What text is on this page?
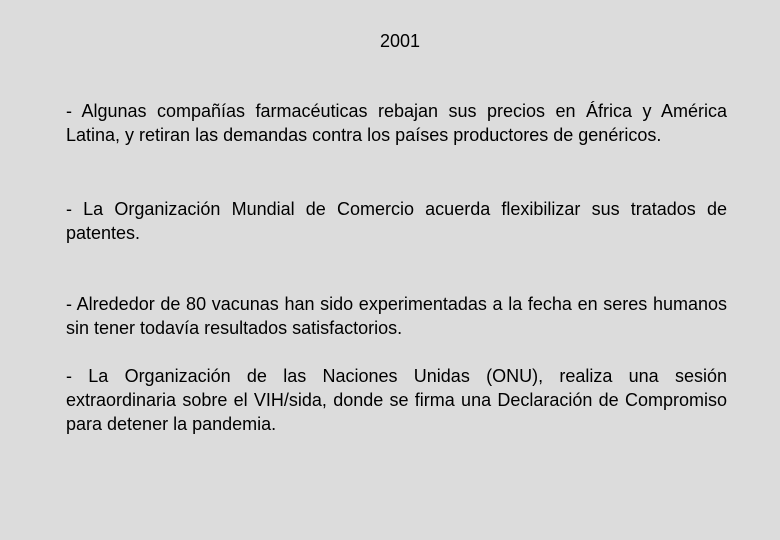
2001

- Algunas compañías farmacéuticas rebajan sus precios en África y América Latina, y retiran las demandas contra los países productores de genéricos.

- La Organización Mundial de Comercio acuerda flexibilizar sus tratados de patentes.

- Alrededor de 80 vacunas han sido experimentadas a la fecha en seres humanos sin tener todavía resultados satisfactorios.

- La Organización de las Naciones Unidas (ONU), realiza una sesión extraordinaria sobre el VIH/sida, donde se firma una Declaración de Compromiso para detener la pandemia.
